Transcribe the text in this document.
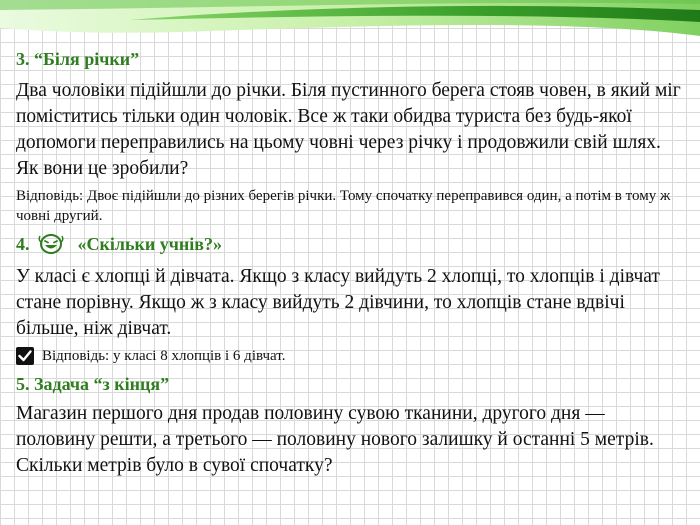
3. “Біля річки”

Два чоловіки підійшли до річки. Біля пустинного берега стояв човен, в який міг поміститись тільки один чоловік. Все ж таки обидва туриста без будь-якої допомоги переправились на цьому човні через річку і продовжили свій шлях. Як вони це зробили?

Відповідь: Двоє підійшли до різних берегів річки. Тому спочатку переправився один, а потім в тому ж човні другий.

4.	«Скільки учнів?»

У класі є хлопці й дівчата. Якщо з класу вийдуть 2 хлопці, то хлопців і дівчат стане порівну. Якщо ж з класу вийдуть 2 дівчини, то хлопців стане вдвічі більше, ніж дівчат.

Відповідь: у класі 8 хлопців і 6 дівчат.
5. Задача “з кінця”

Магазин першого дня продав половину сувою тканини, другого дня — половину решти, а третього — половину нового залишку й останні 5 метрів. Скільки метрів було в сувої спочатку?
